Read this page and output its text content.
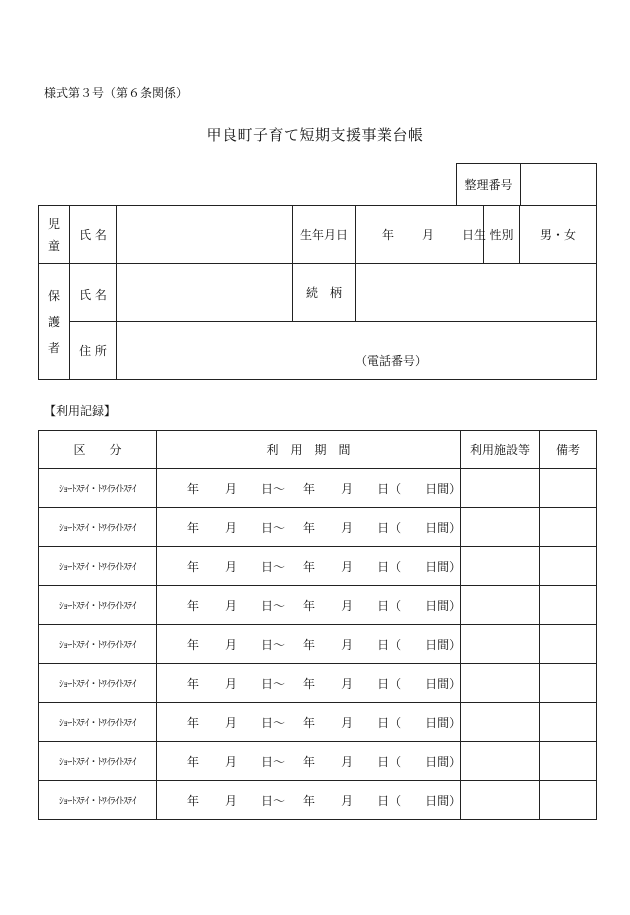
様式第３号（第６条関係）
甲良町子育て短期支援事業台帳
整理番号	
児
童	氏 名		生年月日	年 月 日生	性別	男・女

保
護
者	氏 名		続　柄			
	住 所	（電話番号）				
【利用記録】
区　　分	利　用　期　間	利用施設等	備考
ｼｮｰﾄｽﾃｲ・ﾄﾜｲﾗｲﾄｽﾃｲ	年 月 日～ 年 月 日（ 日間）		
ｼｮｰﾄｽﾃｲ・ﾄﾜｲﾗｲﾄｽﾃｲ	年 月 日～ 年 月 日（ 日間）		
ｼｮｰﾄｽﾃｲ・ﾄﾜｲﾗｲﾄｽﾃｲ	年 月 日～ 年 月 日（ 日間）		
ｼｮｰﾄｽﾃｲ・ﾄﾜｲﾗｲﾄｽﾃｲ	年 月 日～ 年 月 日（ 日間）		
ｼｮｰﾄｽﾃｲ・ﾄﾜｲﾗｲﾄｽﾃｲ	年 月 日～ 年 月 日（ 日間）		
ｼｮｰﾄｽﾃｲ・ﾄﾜｲﾗｲﾄｽﾃｲ	年 月 日～ 年 月 日（ 日間）		
ｼｮｰﾄｽﾃｲ・ﾄﾜｲﾗｲﾄｽﾃｲ	年 月 日～ 年 月 日（ 日間）		
ｼｮｰﾄｽﾃｲ・ﾄﾜｲﾗｲﾄｽﾃｲ	年 月 日～ 年 月 日（ 日間）		
ｼｮｰﾄｽﾃｲ・ﾄﾜｲﾗｲﾄｽﾃｲ	年 月 日～ 年 月 日（ 日間）		
